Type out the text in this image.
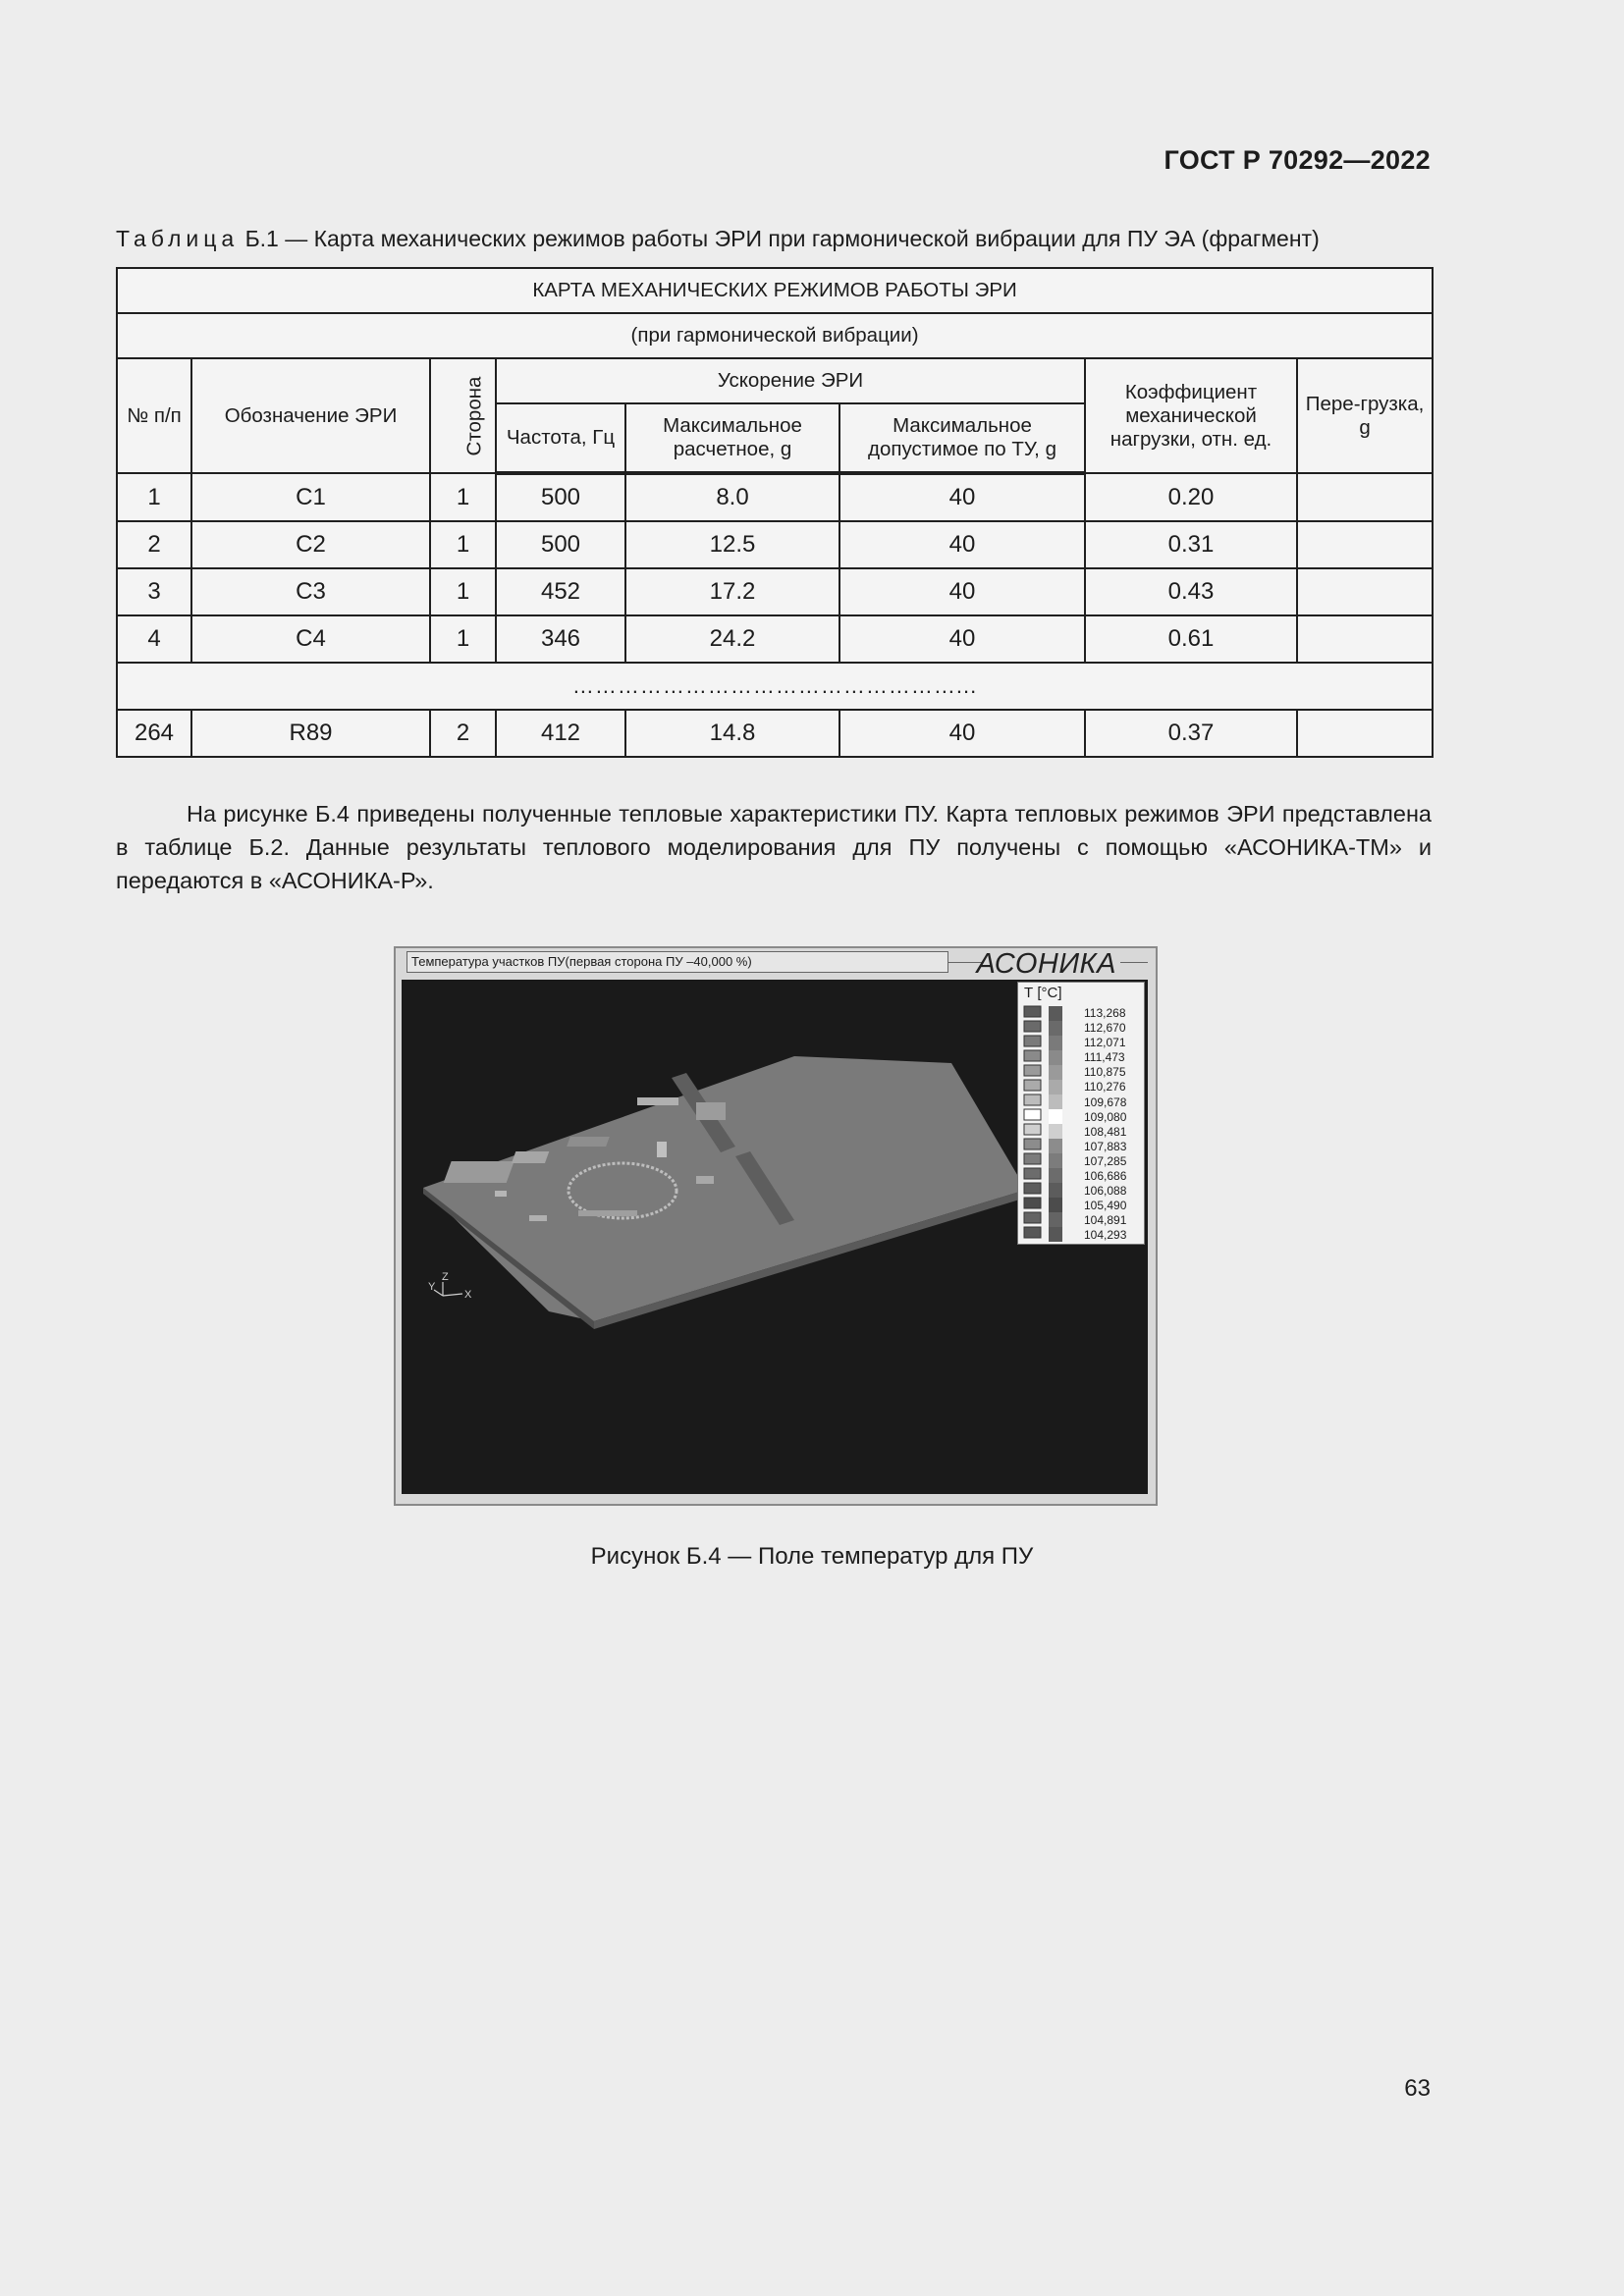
ГОСТ Р 70292—2022
Таблица Б.1 — Карта механических режимов работы ЭРИ при гармонической вибрации для ПУ ЭА (фрагмент)
КАРТА МЕХАНИЧЕСКИХ РЕЖИМОВ РАБОТЫ ЭРИ							
(при гармонической вибрации)							
№ п/п	Обозначение ЭРИ	Сторона	Ускорение ЭРИ			Коэффициент механической нагрузки, отн. ед.	Пере-грузка, g
			Частота, Гц	Максимальное расчетное, g	Максимальное допустимое по ТУ, g		
1	С1	1	500	8.0	40	0.20	
2	С2	1	500	12.5	40	0.31	
3	С3	1	452	17.2	40	0.43	
4	С4	1	346	24.2	40	0.61	
……………………………………………...							
264	R89	2	412	14.8	40	0.37	

На рисунке Б.4 приведены полученные тепловые характеристики ПУ. Карта тепловых режимов ЭРИ представлена в таблице Б.2. Данные результаты теплового моделирования для ПУ получены с помощью «АСОНИКА-ТМ» и передаются в «АСОНИКА-Р».

Температура участков ПУ(первая сторона ПУ –40,000 %)	АСОНИКА
Z
Y
X
Т [°С]
113,268
112,670
112,071
111,473
110,875
110,276
109,678
109,080
108,481
107,883
107,285
106,686
106,088
105,490
104,891
104,293
Рисунок Б.4 — Поле температур для ПУ
63
